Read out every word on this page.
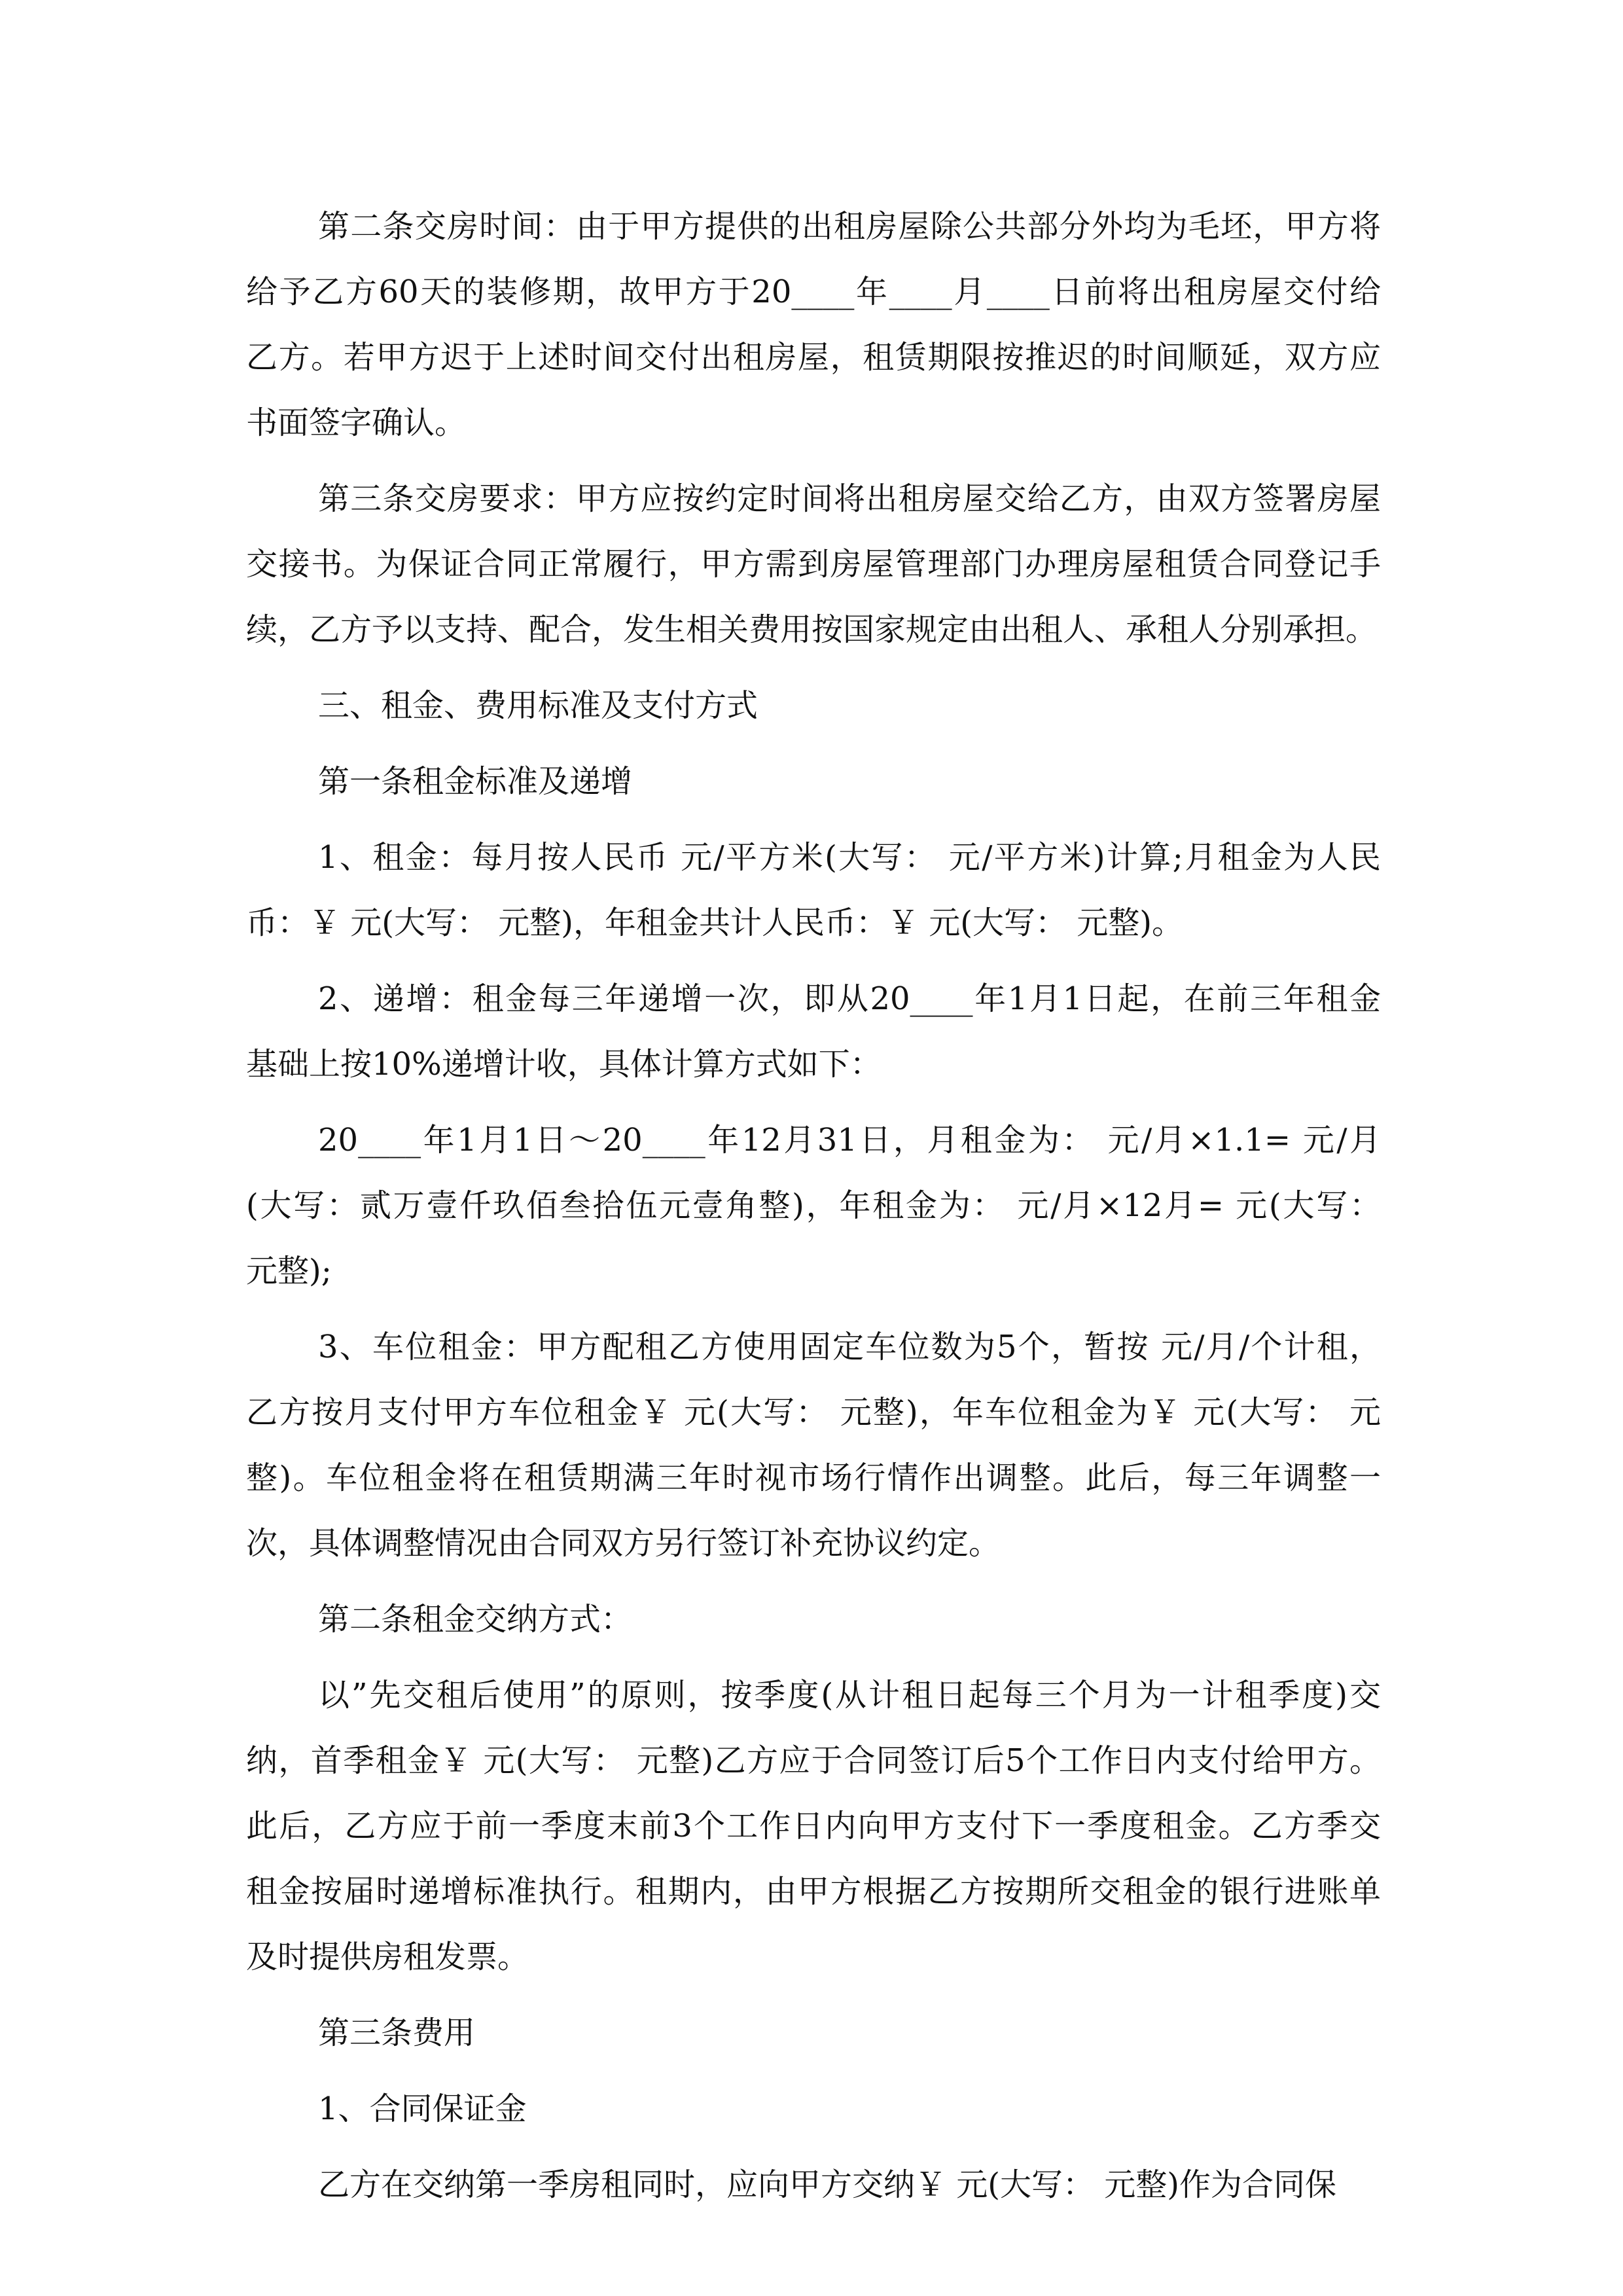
第二条交房时间：由于甲方提供的出租房屋除公共部分外均为毛坯，甲方将
给予乙方60天的装修期，故甲方于20____年____月____日前将出租房屋交付给
乙方。若甲方迟于上述时间交付出租房屋，租赁期限按推迟的时间顺延，双方应
书面签字确认。
第三条交房要求：甲方应按约定时间将出租房屋交给乙方，由双方签署房屋
交接书。为保证合同正常履行，甲方需到房屋管理部门办理房屋租赁合同登记手
续，乙方予以支持、配合，发生相关费用按国家规定由出租人、承租人分别承担。
三、租金、费用标准及支付方式
第一条租金标准及递增
1、租金：每月按人民币 元/平方米(大写： 元/平方米)计算;月租金为人民
币：￥ 元(大写： 元整)，年租金共计人民币：￥ 元(大写： 元整)。
2、递增：租金每三年递增一次，即从20____年1月1日起，在前三年租金
基础上按10%递增计收，具体计算方式如下：
20____年1月1日～20____年12月31日，月租金为： 元/月×1.1= 元/月
(大写：贰万壹仟玖佰叁拾伍元壹角整)，年租金为： 元/月×12月= 元(大写：
元整);
3、车位租金：甲方配租乙方使用固定车位数为5个，暂按 元/月/个计租，
乙方按月支付甲方车位租金￥ 元(大写： 元整)，年车位租金为￥ 元(大写： 元
整)。车位租金将在租赁期满三年时视市场行情作出调整。此后，每三年调整一
次，具体调整情况由合同双方另行签订补充协议约定。
第二条租金交纳方式：
以”先交租后使用”的原则，按季度(从计租日起每三个月为一计租季度)交
纳，首季租金￥ 元(大写： 元整)乙方应于合同签订后5个工作日内支付给甲方。
此后，乙方应于前一季度末前3个工作日内向甲方支付下一季度租金。乙方季交
租金按届时递增标准执行。租期内，由甲方根据乙方按期所交租金的银行进账单
及时提供房租发票。
第三条费用
1、合同保证金
乙方在交纳第一季房租同时，应向甲方交纳￥ 元(大写： 元整)作为合同保
